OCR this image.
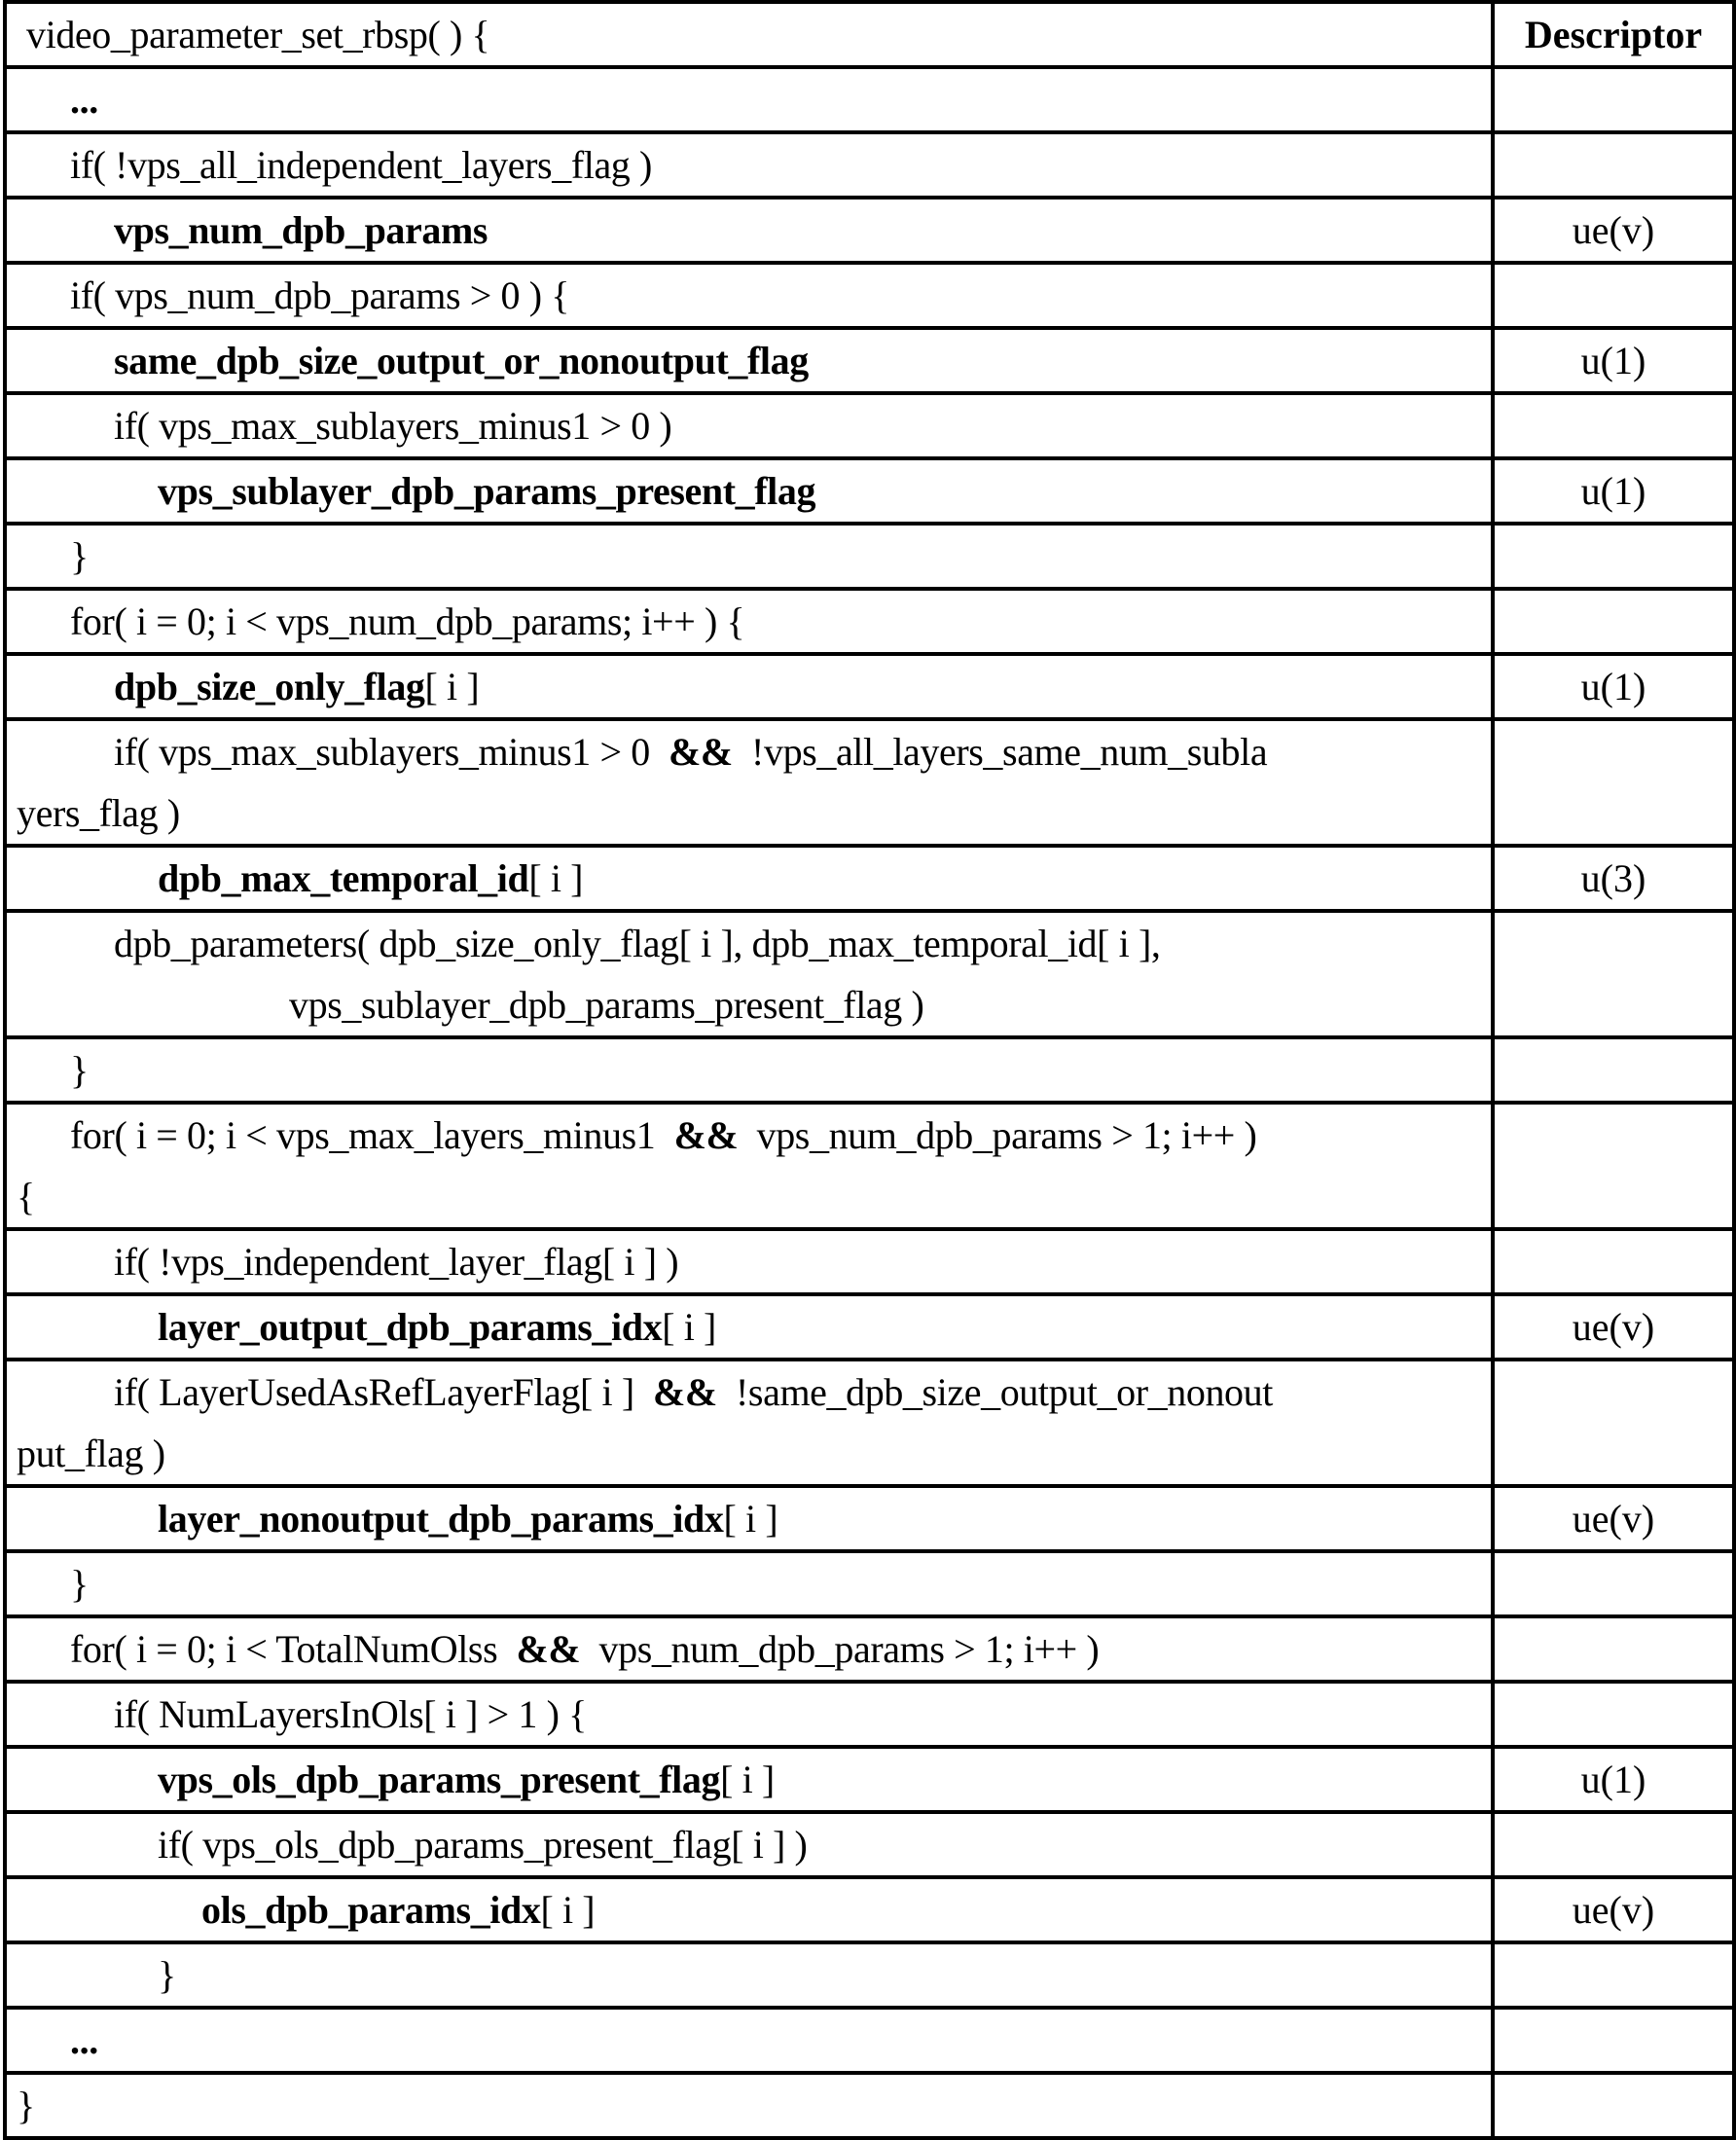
video_parameter_set_rbsp( ) {	Descriptor

...	

if( !vps_all_independent_layers_flag )	

vps_num_dpb_params	ue(v)

if( vps_num_dpb_params > 0 ) {	

same_dpb_size_output_or_nonoutput_flag	u(1)

if( vps_max_sublayers_minus1 > 0 )	

vps_sublayer_dpb_params_present_flag	u(1)

}	

for( i = 0; i < vps_num_dpb_params; i++ ) {	

dpb_size_only_flag[ i ]	u(1)

if( vps_max_sublayers_minus1 > 0  &&  !vps_all_layers_same_num_subla
yers_flag )	

dpb_max_temporal_id[ i ]	u(3)

dpb_parameters( dpb_size_only_flag[ i ], dpb_max_temporal_id[ i ],
vps_sublayer_dpb_params_present_flag )	

}	

for( i = 0; i < vps_max_layers_minus1  &&  vps_num_dpb_params > 1; i++ )
{	

if( !vps_independent_layer_flag[ i ] )	

layer_output_dpb_params_idx[ i ]	ue(v)

if( LayerUsedAsRefLayerFlag[ i ]  &&  !same_dpb_size_output_or_nonout
put_flag )	

layer_nonoutput_dpb_params_idx[ i ]	ue(v)

}	

for( i = 0; i < TotalNumOlss  &&  vps_num_dpb_params > 1; i++ )	

if( NumLayersInOls[ i ] > 1 ) {	

vps_ols_dpb_params_present_flag[ i ]	u(1)

if( vps_ols_dpb_params_present_flag[ i ] )	

ols_dpb_params_idx[ i ]	ue(v)

}	

...	

}	
